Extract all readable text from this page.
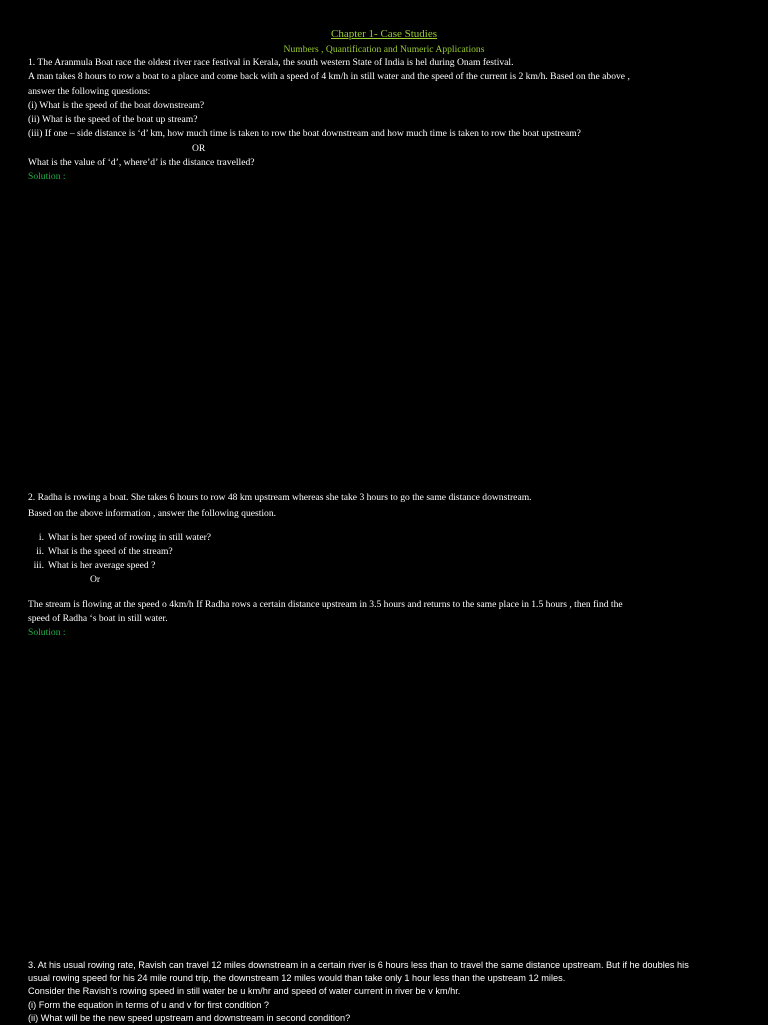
Chapter 1- Case Studies
Numbers , Quantification and Numeric Applications
1. The Aranmula Boat race the oldest river race festival in Kerala, the south western State of India is hel during Onam festival.
A man takes 8 hours to row a boat to a place and come back with a speed of 4 km/h in still water and the speed of the current is 2 km/h. Based on the above ,
answer the following questions:
(i) What is the speed of the boat downstream?
(ii) What is the speed of the boat up stream?
(iii) If one – side distance is ‘d’ km, how much time is taken to row the boat downstream and how much time is taken to row the boat upstream?
OR
What is the value of ‘d’, where’d’ is the distance travelled?
Solution :
2. Radha is rowing a boat. She takes 6 hours to row 48 km upstream whereas she take 3 hours to go the same distance downstream.
Based on the above information , answer the following question.
i. What is her speed of rowing in still water?
ii. What is the speed of the stream?
iii. What is her average speed ?
Or
The stream is flowing at the speed o 4km/h If Radha rows a certain distance upstream in 3.5 hours and returns to the same place in 1.5 hours , then find the
speed of Radha ‘s boat in still water.
Solution :
3. At his usual rowing rate, Ravish can travel 12 miles downstream in a certain river is 6 hours less than to travel the same distance upstream. But if he doubles his
usual rowing speed for his 24 mile round trip, the downstream 12 miles would than take only 1 hour less than the upstream 12 miles.
Consider the Ravish’s rowing speed in still water be u km/hr and speed of water current in river be v km/hr.
(i) Form the equation in terms of u and v for first condition ?
(ii) What will be the new speed upstream and downstream in second condition?
